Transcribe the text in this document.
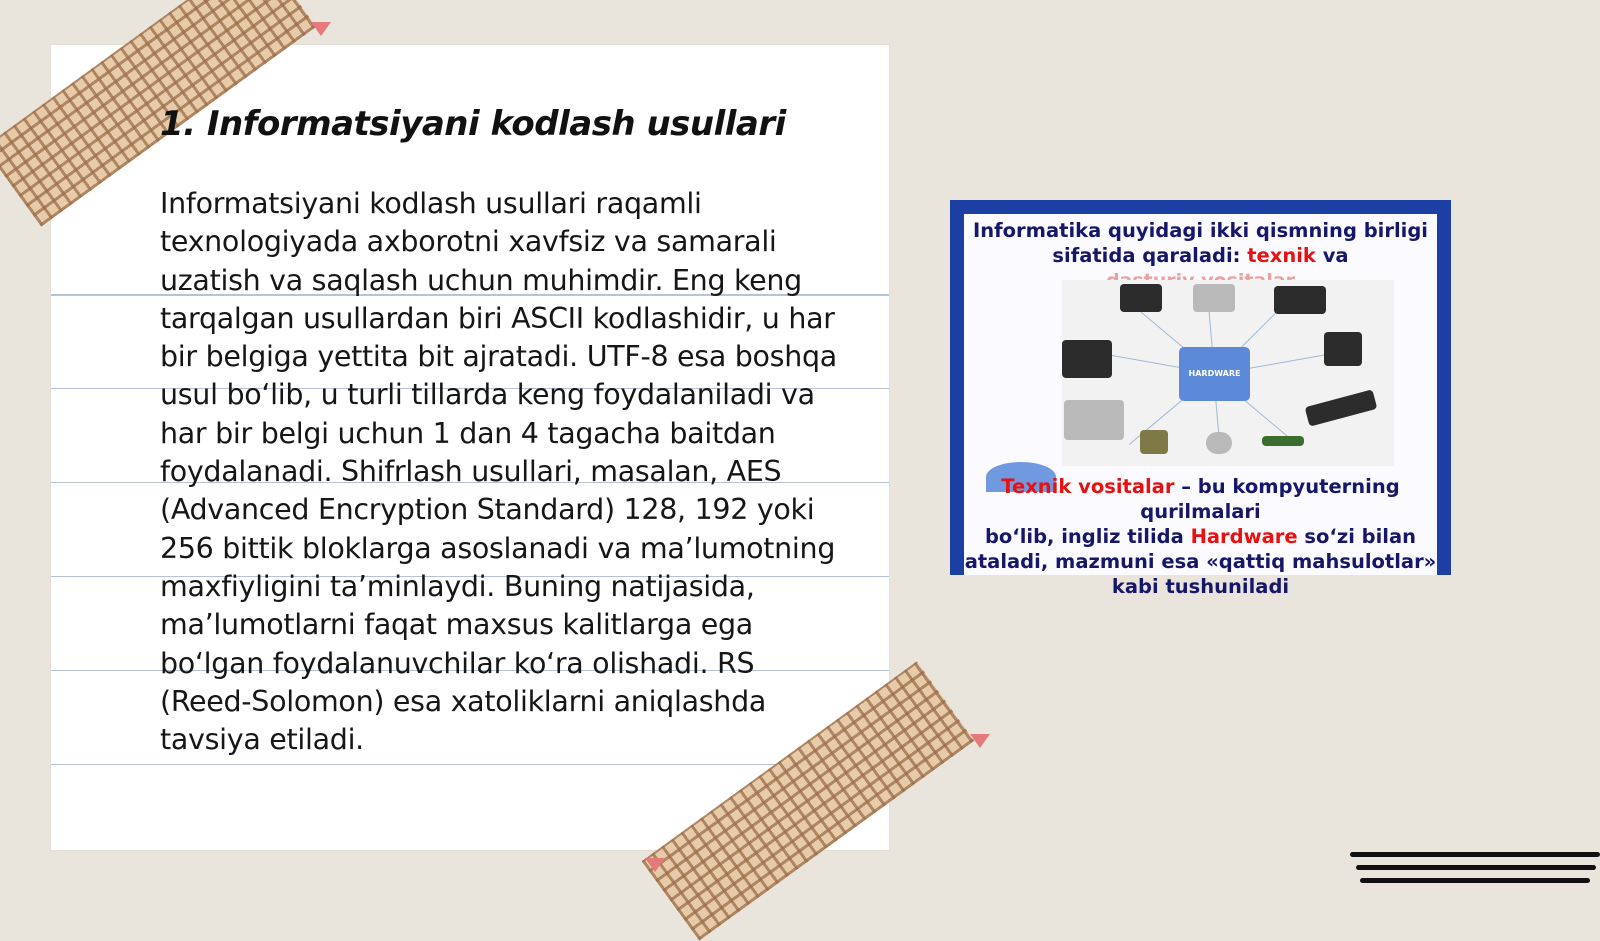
1. Informatsiyani kodlash usullari
Informatsiyani kodlash usullari raqamli texnologiyada axborotni xavfsiz va samarali uzatish va saqlash uchun muhimdir. Eng keng tarqalgan usullardan biri ASCII kodlashidir, u har bir belgiga yettita bit ajratadi. UTF-8 esa boshqa usul bo‘lib, u turli tillarda keng foydalaniladi va har bir belgi uchun 1 dan 4 tagacha baitdan foydalanadi. Shifrlash usullari, masalan, AES (Advanced Encryption Standard) 128, 192 yoki 256 bittik bloklarga asoslanadi va ma’lumotning maxfiyligini ta’minlaydi. Buning natijasida, ma’lumotlarni faqat maxsus kalitlarga ega bo‘lgan foydalanuvchilar ko‘ra olishadi. RS (Reed-Solomon) esa xatoliklarni aniqlashda tavsiya etiladi.
Informatika quyidagi ikki qismning birligi sifatida qaraladi: texnik va
HARDWARE
Texnik vositalar – bu kompyuterning qurilmalari
bo‘lib, ingliz tilida Hardware so‘zi bilan ataladi, mazmuni esa «qattiq mahsulotlar» kabi tushuniladi
